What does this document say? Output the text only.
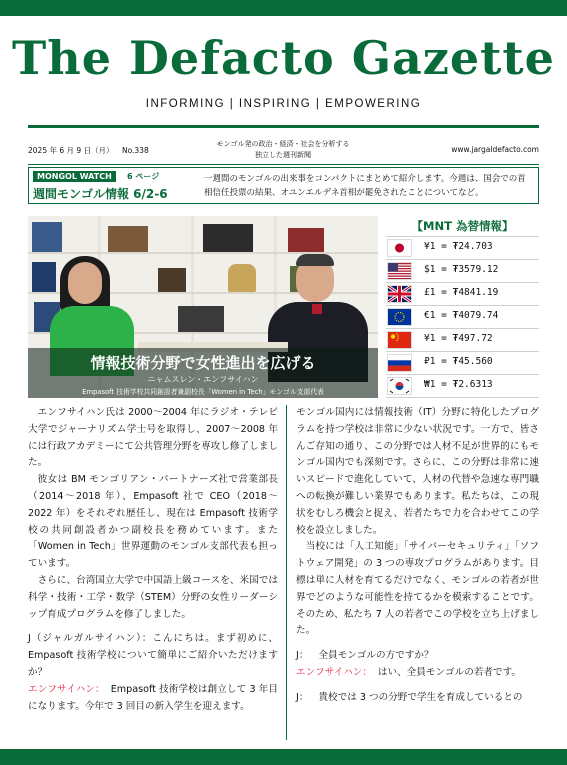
The Defacto Gazette
INFORMING | INSPIRING | EMPOWERING
2025 年 6 月 9 日（月） No.338
モンゴル発の政治・経済・社会を分析する
独立した週刊新聞
www.jargaldefacto.com
MONGOL WATCH	6 ページ
週間モンゴル情報 6/2-6
一週間のモンゴルの出来事をコンパクトにまとめて紹介します。今週は、国会での首相信任投票の結果、オユンエルデネ首相が罷免されたことについてなど。
情報技術分野で女性進出を広げる
ニャムスレン・エンフサイハン
Empasoft 技術学校共同創設者兼副校長「Women in Tech」モンゴル支部代表
【MNT 為替情報】
¥1 = ₮24.703
$1 = ₮3579.12
£1 = ₮4841.19
€1 = ₮4079.74
¥1 = ₮497.72
₽1 = ₮45.560
₩1 = ₮2.6313

エンフサイハン氏は 2000～2004 年にラジオ・テレビ大学でジャーナリズム学士号を取得し、2007～2008 年には行政アカデミーにて公共管理分野を専攻し修了しました。

彼女は BM モンゴリアン・パートナーズ社で営業部長（2014～2018 年）、Empasoft 社で CEO（2018～2022 年）をそれぞれ歴任し、現在は Empasoft 技術学校の共同創設者かつ副校長を務めています。また「Women in Tech」世界運動のモンゴル支部代表も担っています。

さらに、台湾国立大学で中国語上級コースを、米国では科学・技術・工学・数学（STEM）分野の女性リーダーシップ育成プログラムを修了しました。

J（ジャルガルサイハン）：こんにちは。まず初めに、Empasoft 技術学校について簡単にご紹介いただけますか？
エンフサイハン： Empasoft 技術学校は創立して 3 年目になります。今年で 3 回目の新入学生を迎えます。

モンゴル国内には情報技術（IT）分野に特化したプログラムを持つ学校は非常に少ない状況です。一方で、皆さんご存知の通り、この分野では人材不足が世界的にもモンゴル国内でも深刻です。さらに、この分野は非常に速いスピードで進化していて、人材の代替や急速な専門職への転換が難しい業界でもあります。私たちは、この現状をむしろ機会と捉え、若者たちで力を合わせてこの学校を設立しました。

当校には「人工知能」「サイバーセキュリティ」「ソフトウェア開発」の 3 つの専攻プログラムがあります。目標は単に人材を育てるだけでなく、モンゴルの若者が世界でどのような可能性を持てるかを模索することです。そのため、私たち 7 人の若者でこの学校を立ち上げました。

J： 全員モンゴルの方ですか？
エンフサイハン： はい、全員モンゴルの若者です。
J： 貴校では 3 つの分野で学生を育成しているとの
